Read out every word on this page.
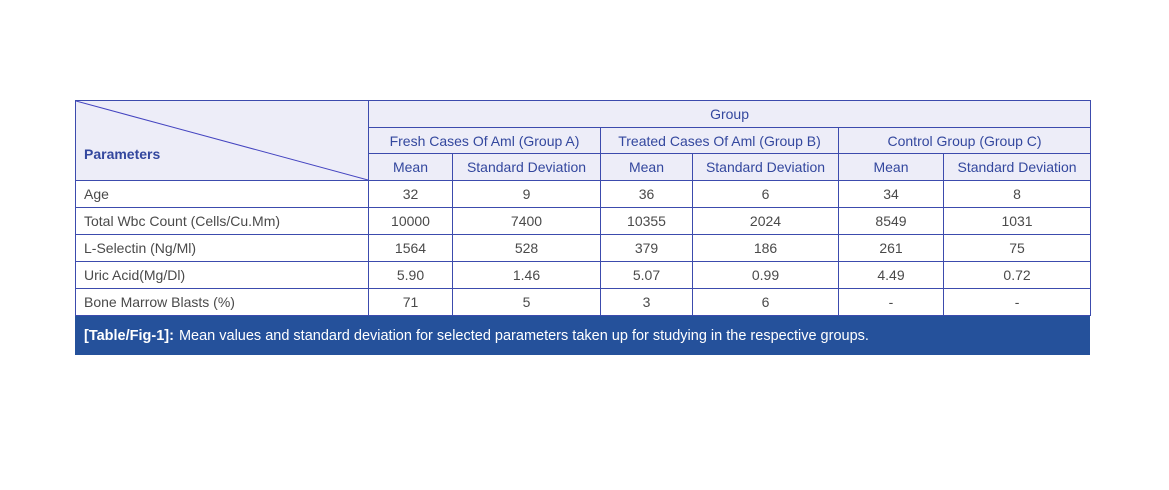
Parameters	Group					
	Fresh Cases Of Aml (Group A)		Treated Cases Of Aml (Group B)		Control Group (Group C)	
	Mean	Standard Deviation	Mean	Standard Deviation	Mean	Standard Deviation
Age	32	9	36	6	34	8
Total Wbc Count (Cells/Cu.Mm)	10000	7400	10355	2024	8549	1031
L-Selectin (Ng/Ml)	1564	528	379	186	261	75
Uric Acid(Mg/Dl)	5.90	1.46	5.07	0.99	4.49	0.72
Bone Marrow Blasts (%)	71	5	3	6	-	-
[Table/Fig-1]: Mean values and standard deviation for selected parameters taken up for studying in the respective groups.
